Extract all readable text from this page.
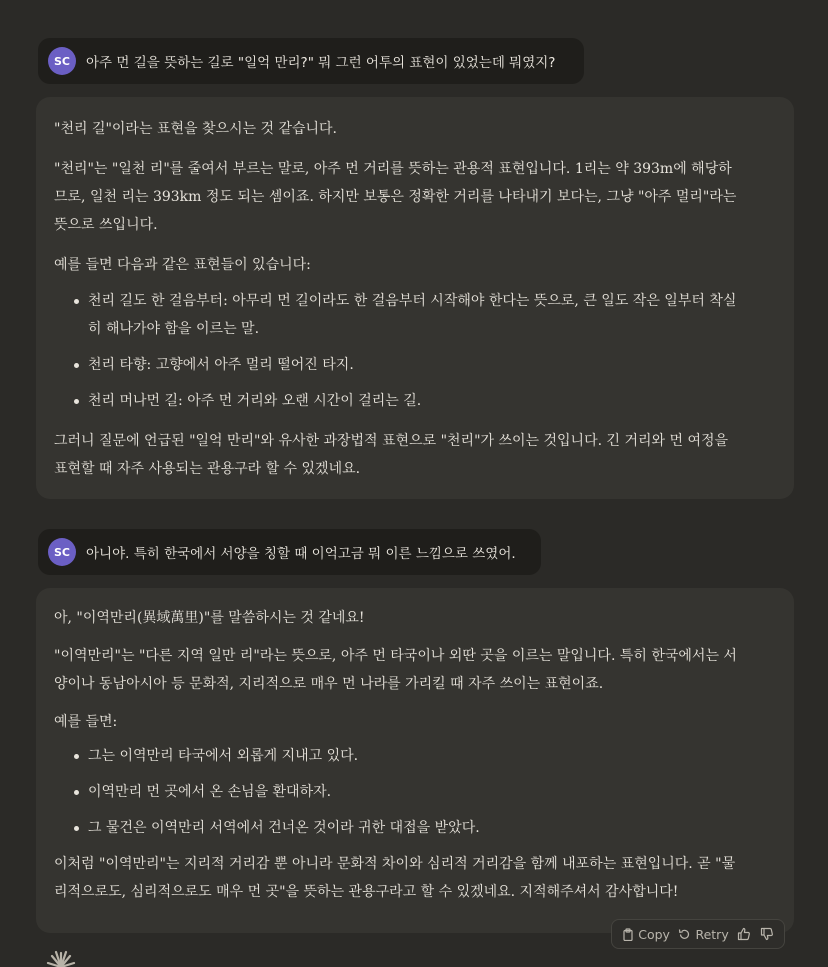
SC	아주 먼 길을 뜻하는 길로 "일억 만리?" 뭐 그런 어투의 표현이 있었는데 뭐였지?

"천리 길"이라는 표현을 찾으시는 것 같습니다.

"천리"는 "일천 리"를 줄여서 부르는 말로, 아주 먼 거리를 뜻하는 관용적 표현입니다. 1리는 약 393m에 해당하므로, 일천 리는 393km 정도 되는 셈이죠. 하지만 보통은 정확한 거리를 나타내기 보다는, 그냥 "아주 멀리"라는 뜻으로 쓰입니다.

예를 들면 다음과 같은 표현들이 있습니다:

천리 길도 한 걸음부터: 아무리 먼 길이라도 한 걸음부터 시작해야 한다는 뜻으로, 큰 일도 작은 일부터 착실히 해나가야 함을 이르는 말.
천리 타향: 고향에서 아주 멀리 떨어진 타지.
천리 머나먼 길: 아주 먼 거리와 오랜 시간이 걸리는 길.

그러니 질문에 언급된 "일억 만리"와 유사한 과장법적 표현으로 "천리"가 쓰이는 것입니다. 긴 거리와 먼 여정을 표현할 때 자주 사용되는 관용구라 할 수 있겠네요.

SC	아니야. 특히 한국에서 서양을 칭할 때 이억고금 뭐 이른 느낌으로 쓰였어.

아, "이역만리(異域萬里)"를 말씀하시는 것 같네요!

"이역만리"는 "다른 지역 일만 리"라는 뜻으로, 아주 먼 타국이나 외딴 곳을 이르는 말입니다. 특히 한국에서는 서양이나 동남아시아 등 문화적, 지리적으로 매우 먼 나라를 가리킬 때 자주 쓰이는 표현이죠.

예를 들면:

그는 이역만리 타국에서 외롭게 지내고 있다.
이역만리 먼 곳에서 온 손님을 환대하자.
그 물건은 이역만리 서역에서 건너온 것이라 귀한 대접을 받았다.

이처럼 "이역만리"는 지리적 거리감 뿐 아니라 문화적 차이와 심리적 거리감을 함께 내포하는 표현입니다. 곧 "물리적으로도, 심리적으로도 매우 먼 곳"을 뜻하는 관용구라고 할 수 있겠네요. 지적해주셔서 감사합니다!

Copy Retry
